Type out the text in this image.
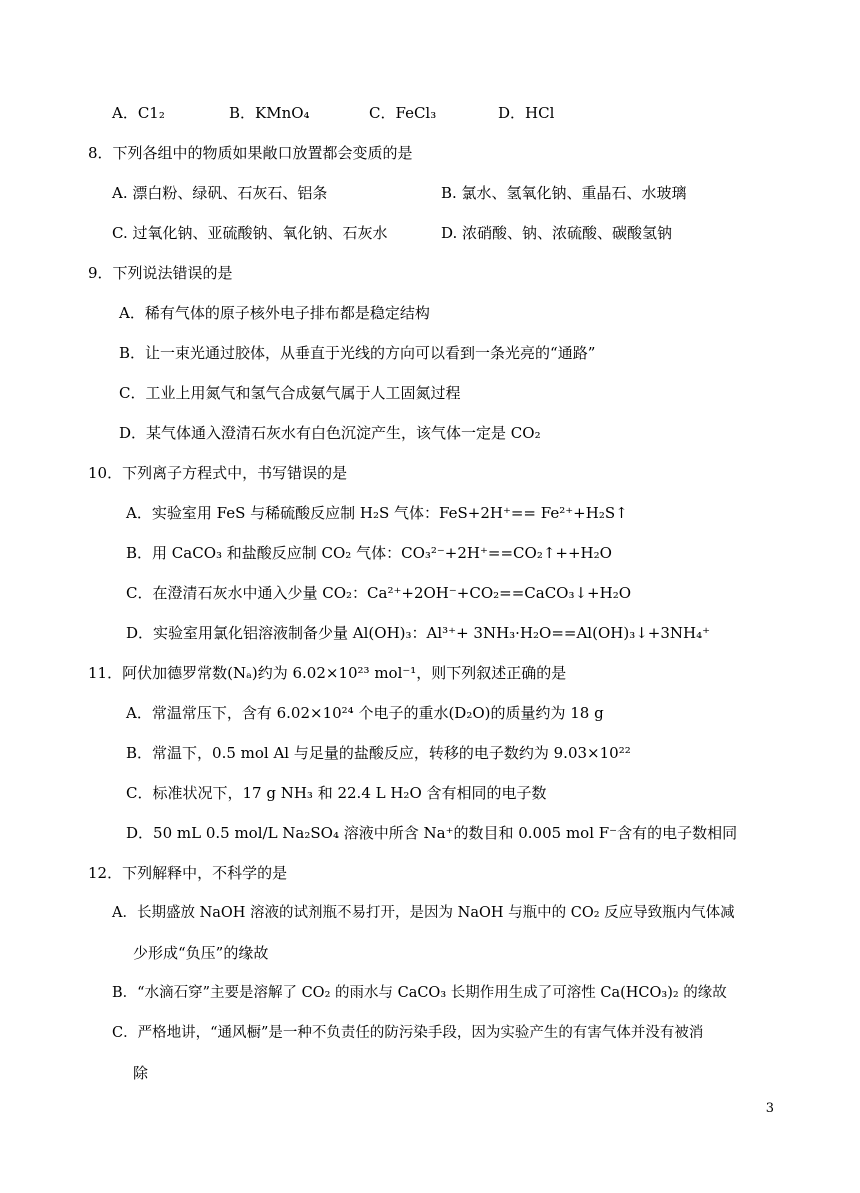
A．C1₂	B．KMnO₄	C．FeCl₃	D．HCl
8．下列各组中的物质如果敞口放置都会变质的是
A. 漂白粉、绿矾、石灰石、铝条	B. 氯水、氢氧化钠、重晶石、水玻璃
C. 过氧化钠、亚硫酸钠、氧化钠、石灰水	D. 浓硝酸、钠、浓硫酸、碳酸氢钠
9．下列说法错误的是
A．稀有气体的原子核外电子排布都是稳定结构
B．让一束光通过胶体，从垂直于光线的方向可以看到一条光亮的“通路”
C．工业上用氮气和氢气合成氨气属于人工固氮过程
D．某气体通入澄清石灰水有白色沉淀产生，该气体一定是 CO₂
10．下列离子方程式中，书写错误的是
A．实验室用 FeS 与稀硫酸反应制 H₂S 气体：FeS+2H⁺== Fe²⁺+H₂S↑
B．用 CaCO₃ 和盐酸反应制 CO₂ 气体：CO₃²⁻+2H⁺==CO₂↑++H₂O
C．在澄清石灰水中通入少量 CO₂：Ca²⁺+2OH⁻+CO₂==CaCO₃↓+H₂O
D．实验室用氯化铝溶液制备少量 Al(OH)₃：Al³⁺+ 3NH₃·H₂O==Al(OH)₃↓+3NH₄⁺
11．阿伏加德罗常数(Nₐ)约为 6.02×10²³ mol⁻¹，则下列叙述正确的是
A．常温常压下，含有 6.02×10²⁴ 个电子的重水(D₂O)的质量约为 18 g
B．常温下，0.5 mol Al 与足量的盐酸反应，转移的电子数约为 9.03×10²²
C．标准状况下，17 g NH₃ 和 22.4 L H₂O 含有相同的电子数
D．50 mL 0.5 mol/L Na₂SO₄ 溶液中所含 Na⁺的数目和 0.005 mol F⁻含有的电子数相同
12．下列解释中，不科学的是
A．长期盛放 NaOH 溶液的试剂瓶不易打开，是因为 NaOH 与瓶中的 CO₂ 反应导致瓶内气体减
少形成“负压”的缘故
B．“水滴石穿”主要是溶解了 CO₂ 的雨水与 CaCO₃ 长期作用生成了可溶性 Ca(HCO₃)₂ 的缘故
C．严格地讲，“通风橱”是一种不负责任的防污染手段，因为实验产生的有害气体并没有被消
除
3
